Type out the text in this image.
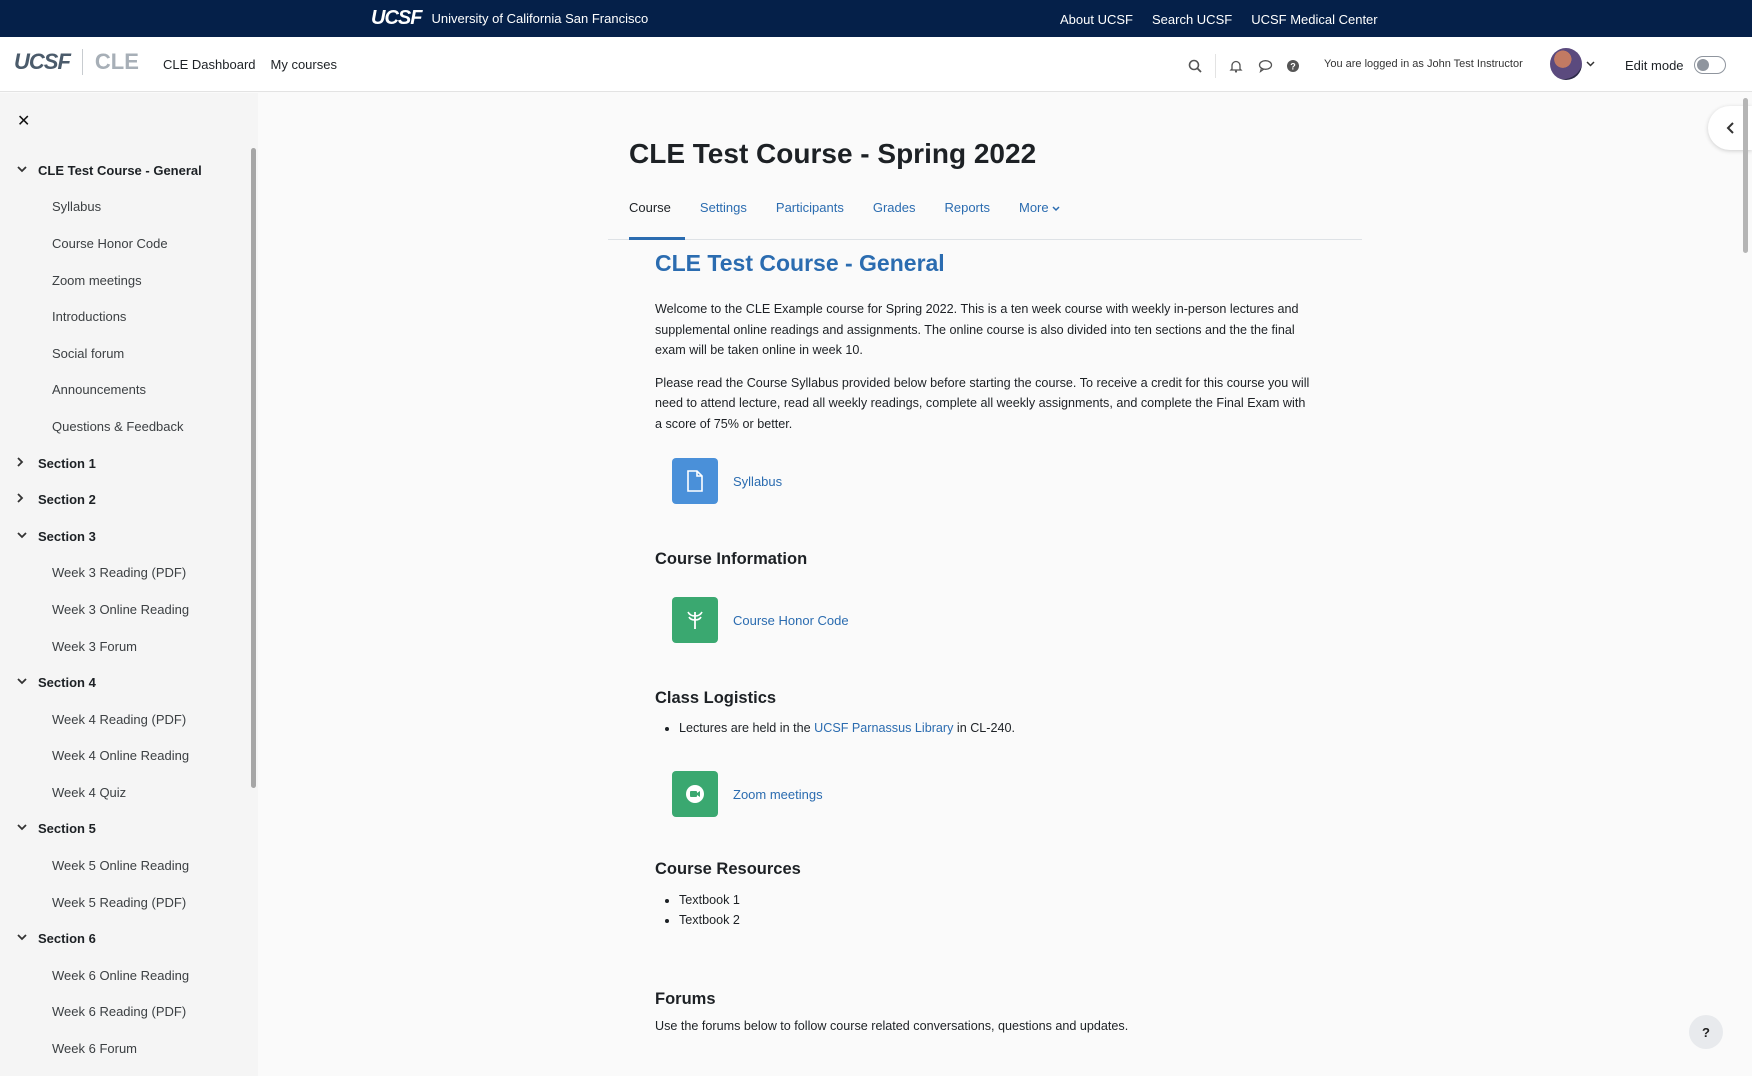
UCSF University of California San Francisco	About UCSF Search UCSF UCSF Medical Center
UCSF CLE CLE Dashboard My courses	?	You are logged in as John Test Instructor	Edit mode
✕
CLE Test Course - General
Syllabus
Course Honor Code
Zoom meetings
Introductions
Social forum
Announcements
Questions & Feedback
Section 1
Section 2
Section 3
Week 3 Reading (PDF)
Week 3 Online Reading
Week 3 Forum
Section 4
Week 4 Reading (PDF)
Week 4 Online Reading
Week 4 Quiz
Section 5
Week 5 Online Reading
Week 5 Reading (PDF)
Section 6
Week 6 Online Reading
Week 6 Reading (PDF)
Week 6 Forum
CLE Test Course - Spring 2022
Course	Settings	Participants	Grades	Reports	More
CLE Test Course - General

Welcome to the CLE Example course for Spring 2022. This is a ten week course with weekly in-person lectures and supplemental online readings and assignments. The online course is also divided into ten sections and the the final exam will be taken online in week 10.

Please read the Course Syllabus provided below before starting the course. To receive a credit for this course you will need to attend lecture, read all weekly readings, complete all weekly assignments, and complete the Final Exam with a score of 75% or better.

Syllabus
Course Information
Course Honor Code
Class Logistics
• Lectures are held in the UCSF Parnassus Library in CL-240.
Zoom meetings
Course Resources
• Textbook 1
• Textbook 2
Forums

Use the forums below to follow course related conversations, questions and updates.	?
